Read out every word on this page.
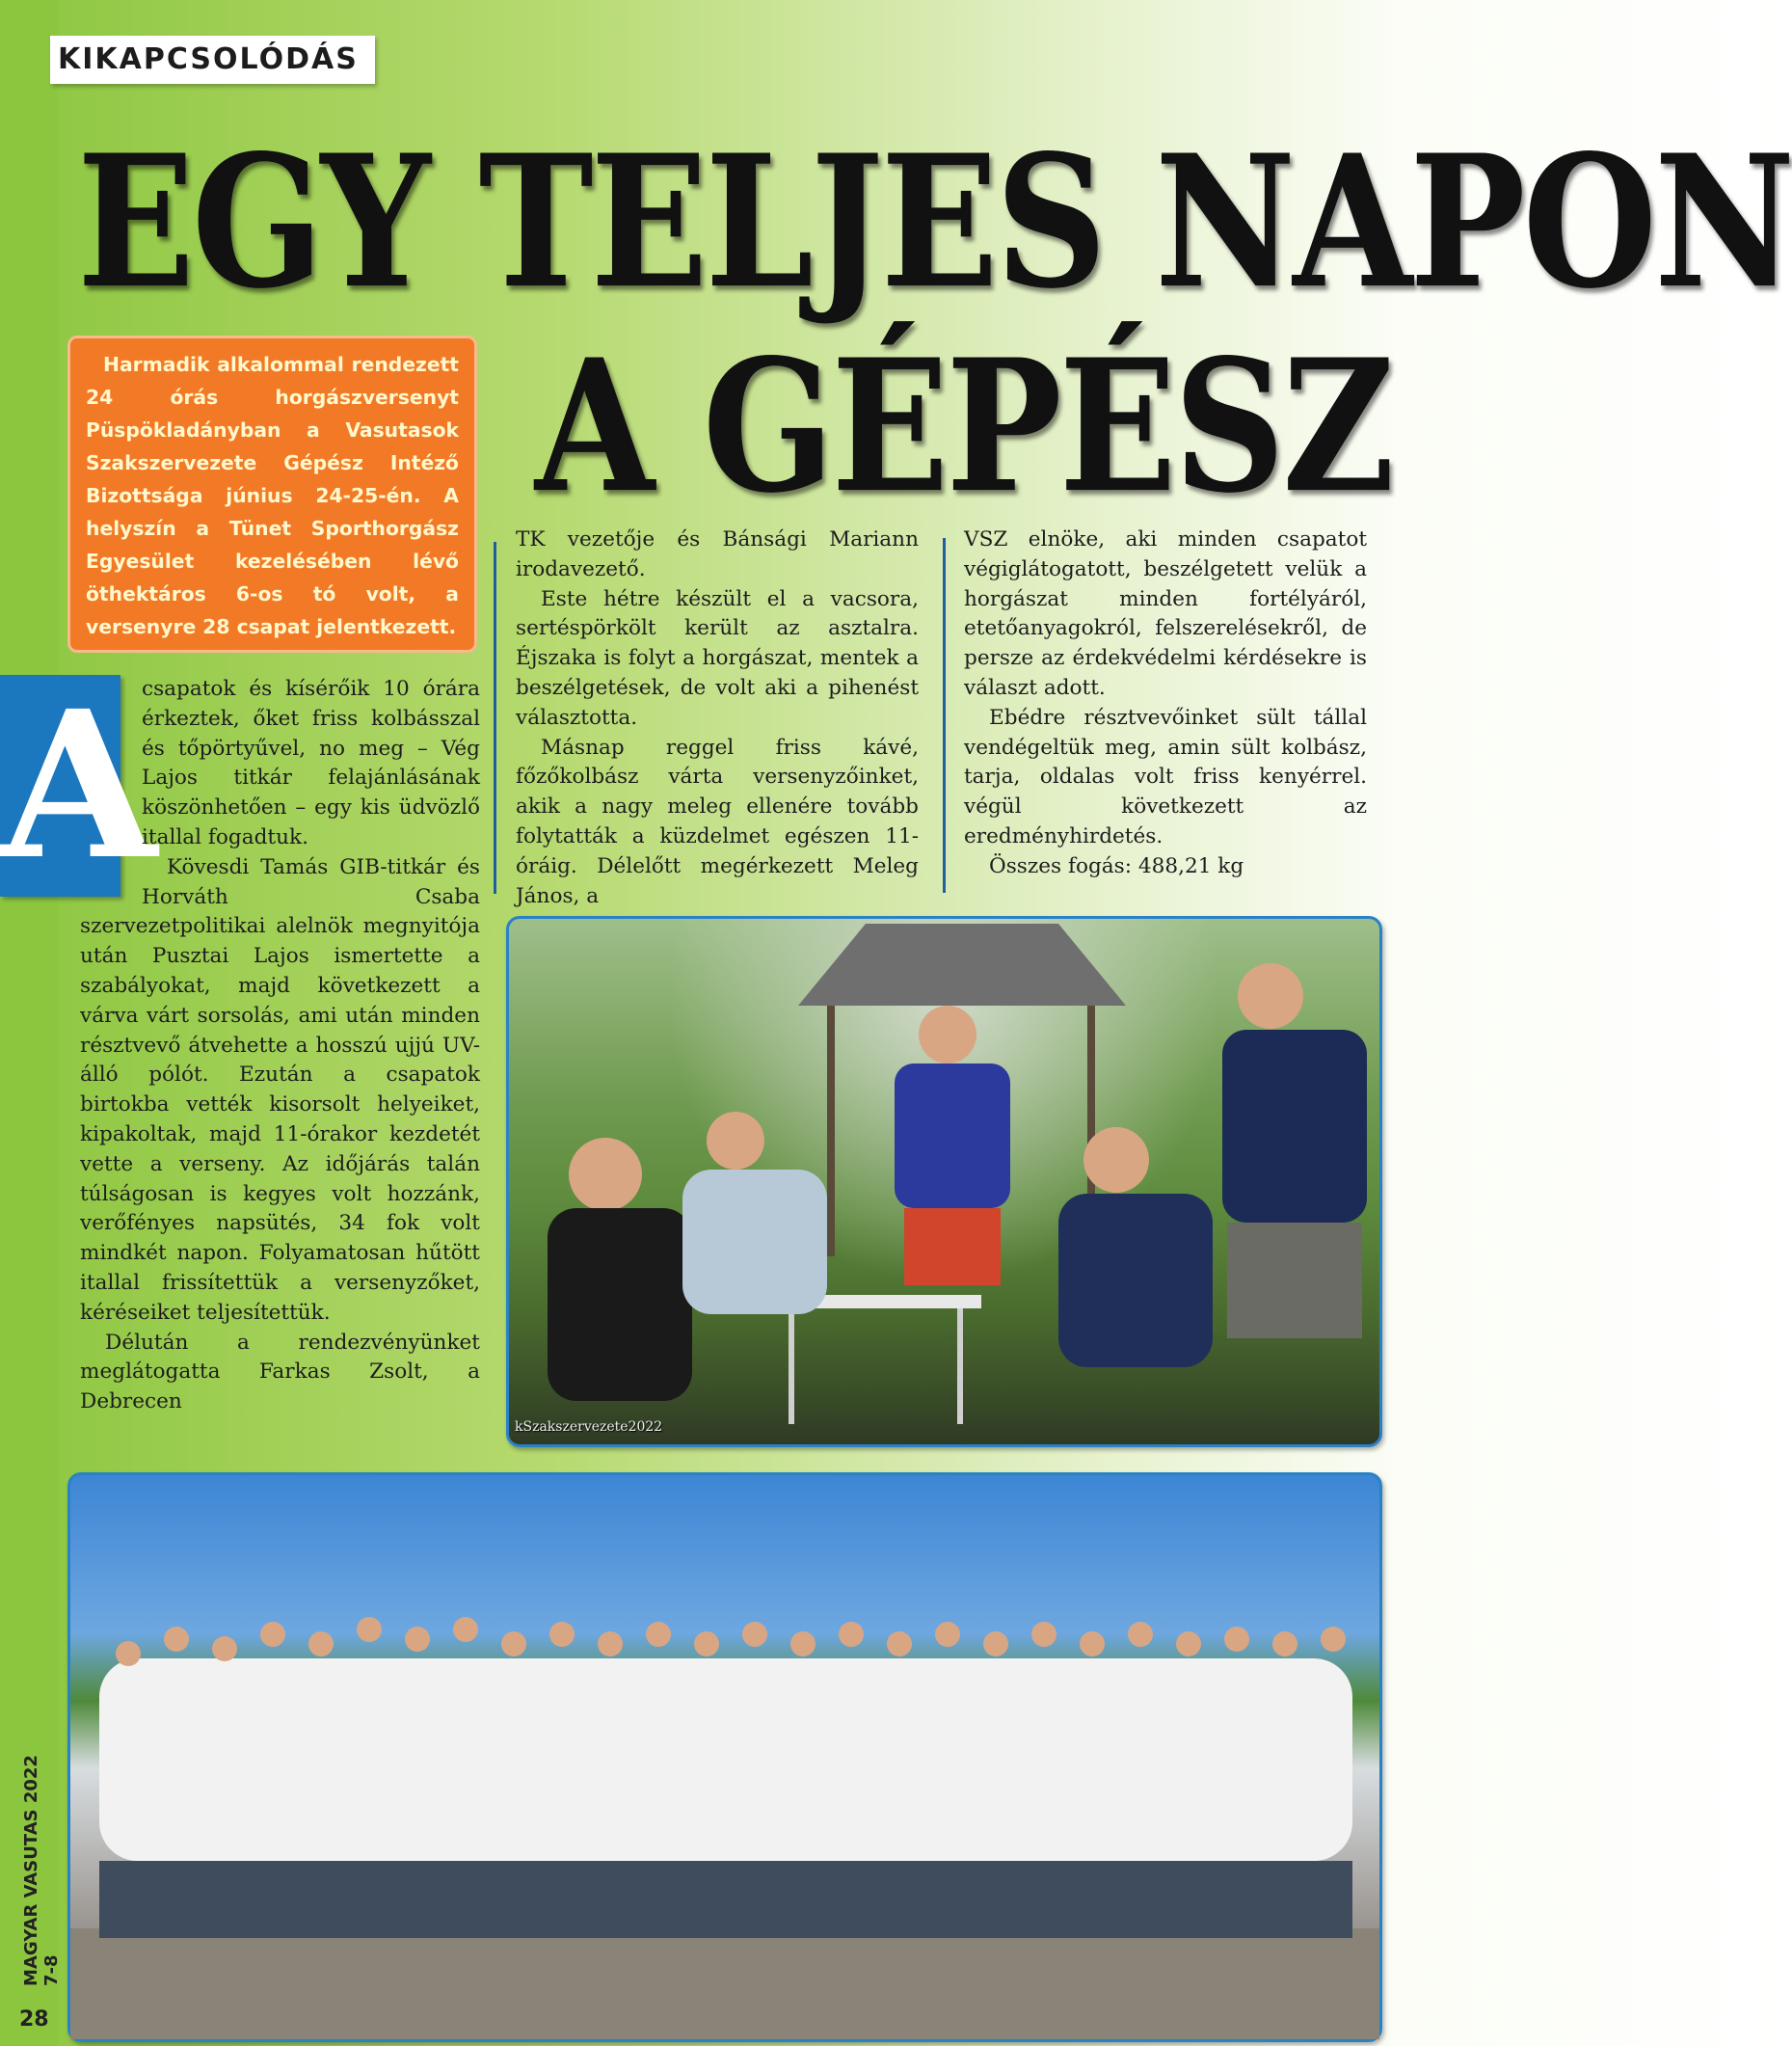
KIKAPCSOLÓDÁS
EGY TELJES NAPON
A GÉPÉSZ
Harmadik alkalommal rendezett 24 órás horgászversenyt Püspökladányban a Vasutasok Szakszervezete Gépész Intéző Bizottsága június 24-25-én. A helyszín a Tünet Sporthorgász Egyesület kezelésében lévő öthektáros 6-os tó volt, a versenyre 28 csapat jelentkezett.
A

csapatok és kísérőik 10 órára érkeztek, őket friss kolbásszal és tőpörtyűvel, no meg – Vég Lajos titkár felajánlásának köszönhetően – egy kis üdvözlő itallal fogadtuk.

Kövesdi Tamás GIB-titkár és Horváth Csaba szervezetpolitikai alelnök megnyitója után Pusztai Lajos ismertette a szabályokat, majd következett a várva várt sorsolás, ami után minden résztvevő átvehette a hosszú ujjú UV-álló pólót. Ezután a csapatok birtokba vették kisorsolt helyeiket, kipakoltak, majd 11-órakor kezdetét vette a verseny. Az időjárás talán túlságosan is kegyes volt hozzánk, verőfényes napsütés, 34 fok volt mindkét napon. Folyamatosan hűtött itallal frissítettük a versenyzőket, kéréseiket teljesítettük.

Délután a rendezvényünket meglátogatta Farkas Zsolt, a Debrecen

TK vezetője és Bánsági Mariann irodavezető.

Este hétre készült el a vacsora, sertéspörkölt került az asztalra. Éjszaka is folyt a horgászat, mentek a beszélgetések, de volt aki a pihenést választotta.

Másnap reggel friss kávé, főzőkolbász várta versenyzőinket, akik a nagy meleg ellenére tovább folytatták a küzdelmet egészen 11-óráig. Délelőtt megérkezett Meleg János, a

VSZ elnöke, aki minden csapatot végiglátogatott, beszélgetett velük a horgászat minden fortélyáról, etetőanyagokról, felszerelésekről, de persze az érdekvédelmi kérdésekre is választ adott.

Ebédre résztvevőinket sült tállal vendégeltük meg, amin sült kolbász, tarja, oldalas volt friss kenyérrel. végül következett az eredményhirdetés.

Összes fogás: 488,21 kg

kSzakszervezete2022
MAGYAR VASUTAS 2022 7-8
28
